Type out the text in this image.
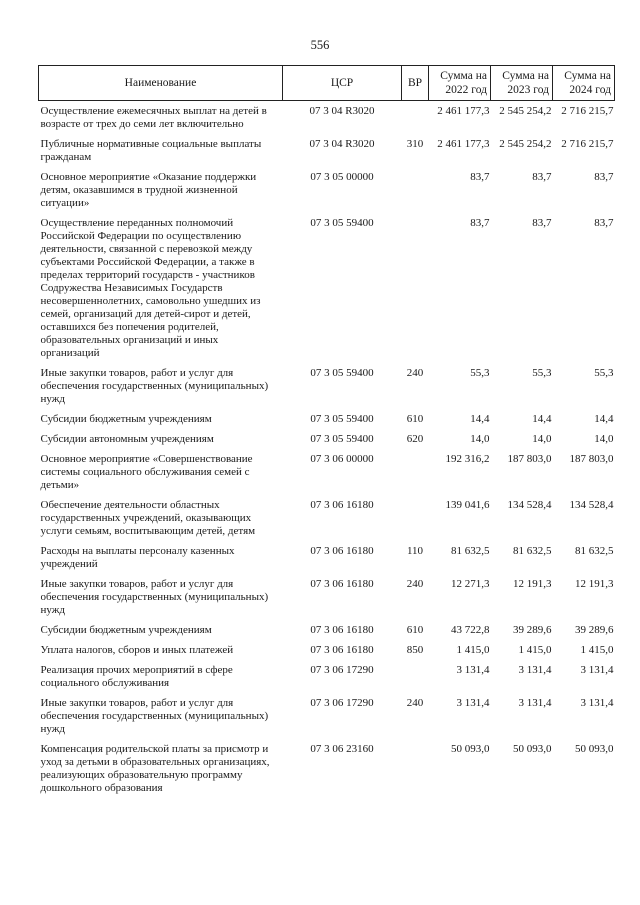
556
Наименование	ЦСР	ВР	Сумма на 2022 год	Сумма на 2023 год	Сумма на 2024 год
Осуществление ежемесячных выплат на детей в возрасте от трех до семи лет включительно	07 3 04 R3020		2 461 177,3	2 545 254,2	2 716 215,7
Публичные нормативные социальные выплаты гражданам	07 3 04 R3020	310	2 461 177,3	2 545 254,2	2 716 215,7
Основное мероприятие «Оказание поддержки детям, оказавшимся в трудной жизненной ситуации»	07 3 05 00000		83,7	83,7	83,7
Осуществление переданных полномочий Российской Федерации по осуществлению деятельности, связанной с перевозкой между субъектами Российской Федерации, а также в пределах территорий государств - участников Содружества Независимых Государств несовершеннолетних, самовольно ушедших из семей, организаций для детей-сирот и детей, оставшихся без попечения родителей, образовательных организаций и иных организаций	07 3 05 59400		83,7	83,7	83,7
Иные закупки товаров, работ и услуг для обеспечения государственных (муниципальных) нужд	07 3 05 59400	240	55,3	55,3	55,3
Субсидии бюджетным учреждениям	07 3 05 59400	610	14,4	14,4	14,4
Субсидии автономным учреждениям	07 3 05 59400	620	14,0	14,0	14,0
Основное мероприятие «Совершенствование системы социального обслуживания семей с детьми»	07 3 06 00000		192 316,2	187 803,0	187 803,0
Обеспечение деятельности областных государственных учреждений, оказывающих услуги семьям, воспитывающим детей, детям	07 3 06 16180		139 041,6	134 528,4	134 528,4
Расходы на выплаты персоналу казенных учреждений	07 3 06 16180	110	81 632,5	81 632,5	81 632,5
Иные закупки товаров, работ и услуг для обеспечения государственных (муниципальных) нужд	07 3 06 16180	240	12 271,3	12 191,3	12 191,3
Субсидии бюджетным учреждениям	07 3 06 16180	610	43 722,8	39 289,6	39 289,6
Уплата налогов, сборов и иных платежей	07 3 06 16180	850	1 415,0	1 415,0	1 415,0
Реализация прочих мероприятий в сфере социального обслуживания	07 3 06 17290		3 131,4	3 131,4	3 131,4
Иные закупки товаров, работ и услуг для обеспечения государственных (муниципальных) нужд	07 3 06 17290	240	3 131,4	3 131,4	3 131,4
Компенсация родительской платы за присмотр и уход за детьми в образовательных организациях, реализующих образовательную программу дошкольного образования	07 3 06 23160		50 093,0	50 093,0	50 093,0
